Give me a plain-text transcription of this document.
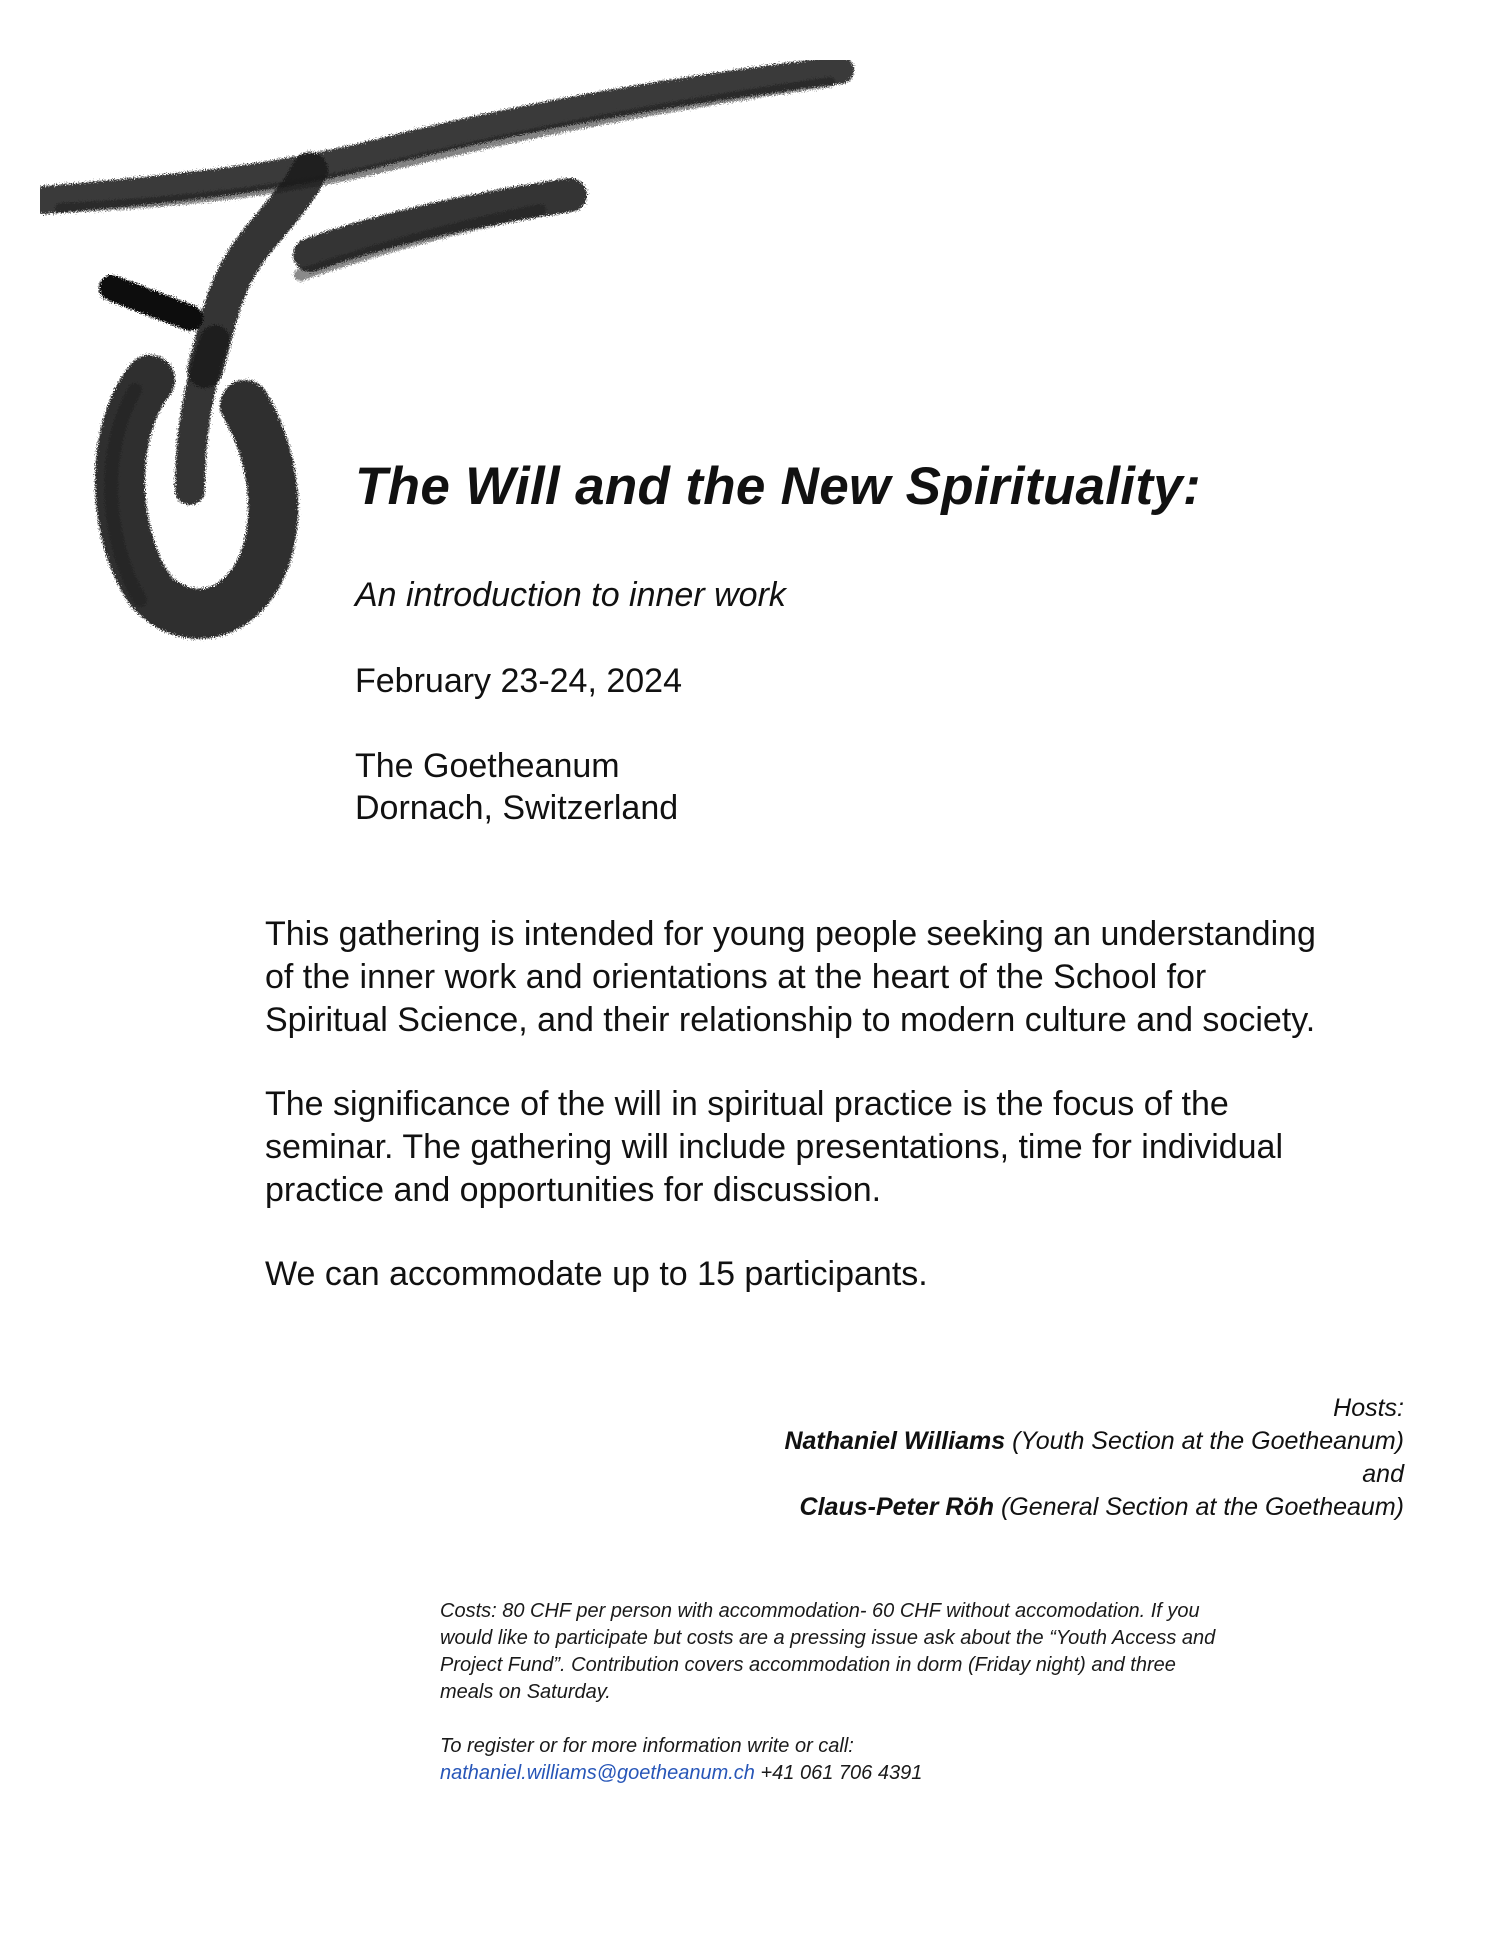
The Will and the New Spirituality:
An introduction to inner work
February 23-24, 2024
The Goetheanum
Dornach, Switzerland

This gathering is intended for young people seeking an understanding
of the inner work and orientations at the heart of the School for
Spiritual Science, and their relationship to modern culture and society.

The significance of the will in spiritual practice is the focus of the
seminar. The gathering will include presentations, time for individual
practice and opportunities for discussion.

We can accommodate up to 15 participants.

Hosts:
Nathaniel Williams (Youth Section at the Goetheanum)
and
Claus-Peter Röh (General Section at the Goetheaum)

Costs: 80 CHF per person with accommodation- 60 CHF without accomodation. If you
would like to participate but costs are a pressing issue ask about the “Youth Access and
Project Fund”. Contribution covers accommodation in dorm (Friday night) and three
meals on Saturday.

To register or for more information write or call:
nathaniel.williams@goetheanum.ch +41 061 706 4391
